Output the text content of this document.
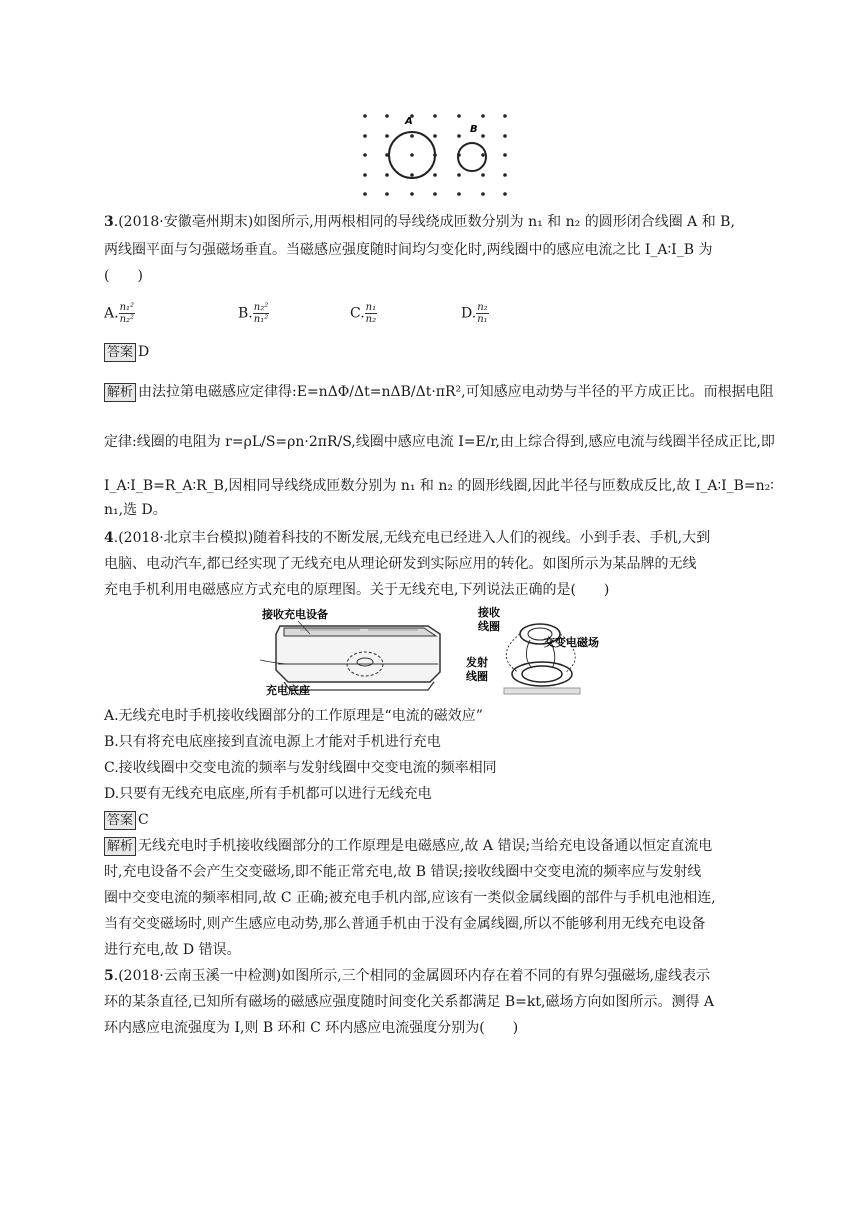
A
B
3.(2018·安徽亳州期末)如图所示,用两根相同的导线绕成匝数分别为 n₁ 和 n₂ 的圆形闭合线圈 A 和 B,
两线圈平面与匀强磁场垂直。当磁感应强度随时间均匀变化时,两线圈中的感应电流之比 I_A∶I_B 为
(　　)
A. $\frac{\text{n₁²}}{\text{n₂²}}$	B. $\frac{\text{n₂²}}{\text{n₁²}}$	C. $\frac{\text{n₁}}{\text{n₂}}$	D. $\frac{\text{n₂}}{\text{n₁}}$
答案 D
解析 由法拉第电磁感应定律得:E=nΔΦ/Δt=nΔB/Δt·πR²,可知感应电动势与半径的平方成正比。而根据电阻
定律:线圈的电阻为 r=ρL/S=ρn·2πR/S,线圈中感应电流 I=E/r,由上综合得到,感应电流与线圈半径成正比,即
I_A∶I_B=R_A∶R_B,因相同导线绕成匝数分别为 n₁ 和 n₂ 的圆形线圈,因此半径与匝数成反比,故 I_A∶I_B=n₂∶
n₁,选 D。
4.(2018·北京丰台模拟)随着科技的不断发展,无线充电已经进入人们的视线。小到手表、手机,大到
电脑、电动汽车,都已经实现了无线充电从理论研发到实际应用的转化。如图所示为某品牌的无线
充电手机利用电磁感应方式充电的原理图。关于无线充电,下列说法正确的是(　　)
接收充电设备
充电底座
接收
线圈
交变电磁场
发射
线圈
A.无线充电时手机接收线圈部分的工作原理是“电流的磁效应”
B.只有将充电底座接到直流电源上才能对手机进行充电
C.接收线圈中交变电流的频率与发射线圈中交变电流的频率相同
D.只要有无线充电底座,所有手机都可以进行无线充电
答案 C
解析 无线充电时手机接收线圈部分的工作原理是电磁感应,故 A 错误;当给充电设备通以恒定直流电
时,充电设备不会产生交变磁场,即不能正常充电,故 B 错误;接收线圈中交变电流的频率应与发射线
圈中交变电流的频率相同,故 C 正确;被充电手机内部,应该有一类似金属线圈的部件与手机电池相连,
当有交变磁场时,则产生感应电动势,那么普通手机由于没有金属线圈,所以不能够利用无线充电设备
进行充电,故 D 错误。
5.(2018·云南玉溪一中检测)如图所示,三个相同的金属圆环内存在着不同的有界匀强磁场,虚线表示
环的某条直径,已知所有磁场的磁感应强度随时间变化关系都满足 B=kt,磁场方向如图所示。测得 A
环内感应电流强度为 I,则 B 环和 C 环内感应电流强度分别为(　　)
